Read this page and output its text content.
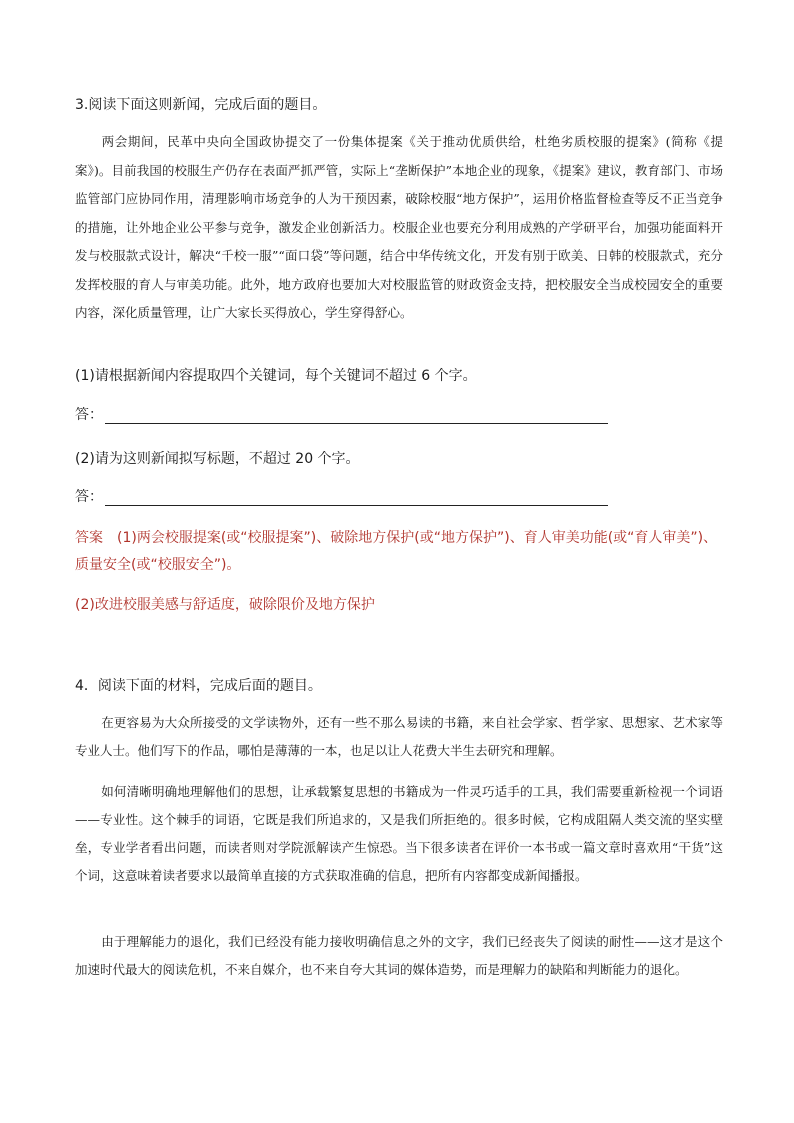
3.阅读下面这则新闻，完成后面的题目。
两会期间，民革中央向全国政协提交了一份集体提案《关于推动优质供给，杜绝劣质校服的提案》(简称《提案》)。目前我国的校服生产仍存在表面严抓严管，实际上“垄断保护”本地企业的现象，《提案》建议，教育部门、市场监管部门应协同作用，清理影响市场竞争的人为干预因素，破除校服“地方保护”，运用价格监督检查等反不正当竞争的措施，让外地企业公平参与竞争，激发企业创新活力。校服企业也要充分利用成熟的产学研平台，加强功能面料开发与校服款式设计，解决“千校一服”“面口袋”等问题，结合中华传统文化，开发有别于欧美、日韩的校服款式，充分发挥校服的育人与审美功能。此外，地方政府也要加大对校服监管的财政资金支持，把校服安全当成校园安全的重要内容，深化质量管理，让广大家长买得放心，学生穿得舒心。
(1)请根据新闻内容提取四个关键词，每个关键词不超过 6 个字。
答：
(2)请为这则新闻拟写标题，不超过 20 个字。
答：
答案 (1)两会校服提案(或“校服提案”)、破除地方保护(或“地方保护”)、育人审美功能(或“育人审美”)、质量安全(或“校服安全”)。
(2)改进校服美感与舒适度，破除限价及地方保护
4．阅读下面的材料，完成后面的题目。
在更容易为大众所接受的文学读物外，还有一些不那么易读的书籍，来自社会学家、哲学家、思想家、艺术家等专业人士。他们写下的作品，哪怕是薄薄的一本，也足以让人花费大半生去研究和理解。
如何清晰明确地理解他们的思想，让承载繁复思想的书籍成为一件灵巧适手的工具，我们需要重新检视一个词语——专业性。这个棘手的词语，它既是我们所追求的，又是我们所拒绝的。很多时候，它构成阻隔人类交流的坚实壁垒，专业学者看出问题，而读者则对学院派解读产生惊恐。当下很多读者在评价一本书或一篇文章时喜欢用“干货”这个词，这意味着读者要求以最简单直接的方式获取准确的信息，把所有内容都变成新闻播报。
由于理解能力的退化，我们已经没有能力接收明确信息之外的文字，我们已经丧失了阅读的耐性——这才是这个加速时代最大的阅读危机，不来自媒介，也不来自夸大其词的媒体造势，而是理解力的缺陷和判断能力的退化。
